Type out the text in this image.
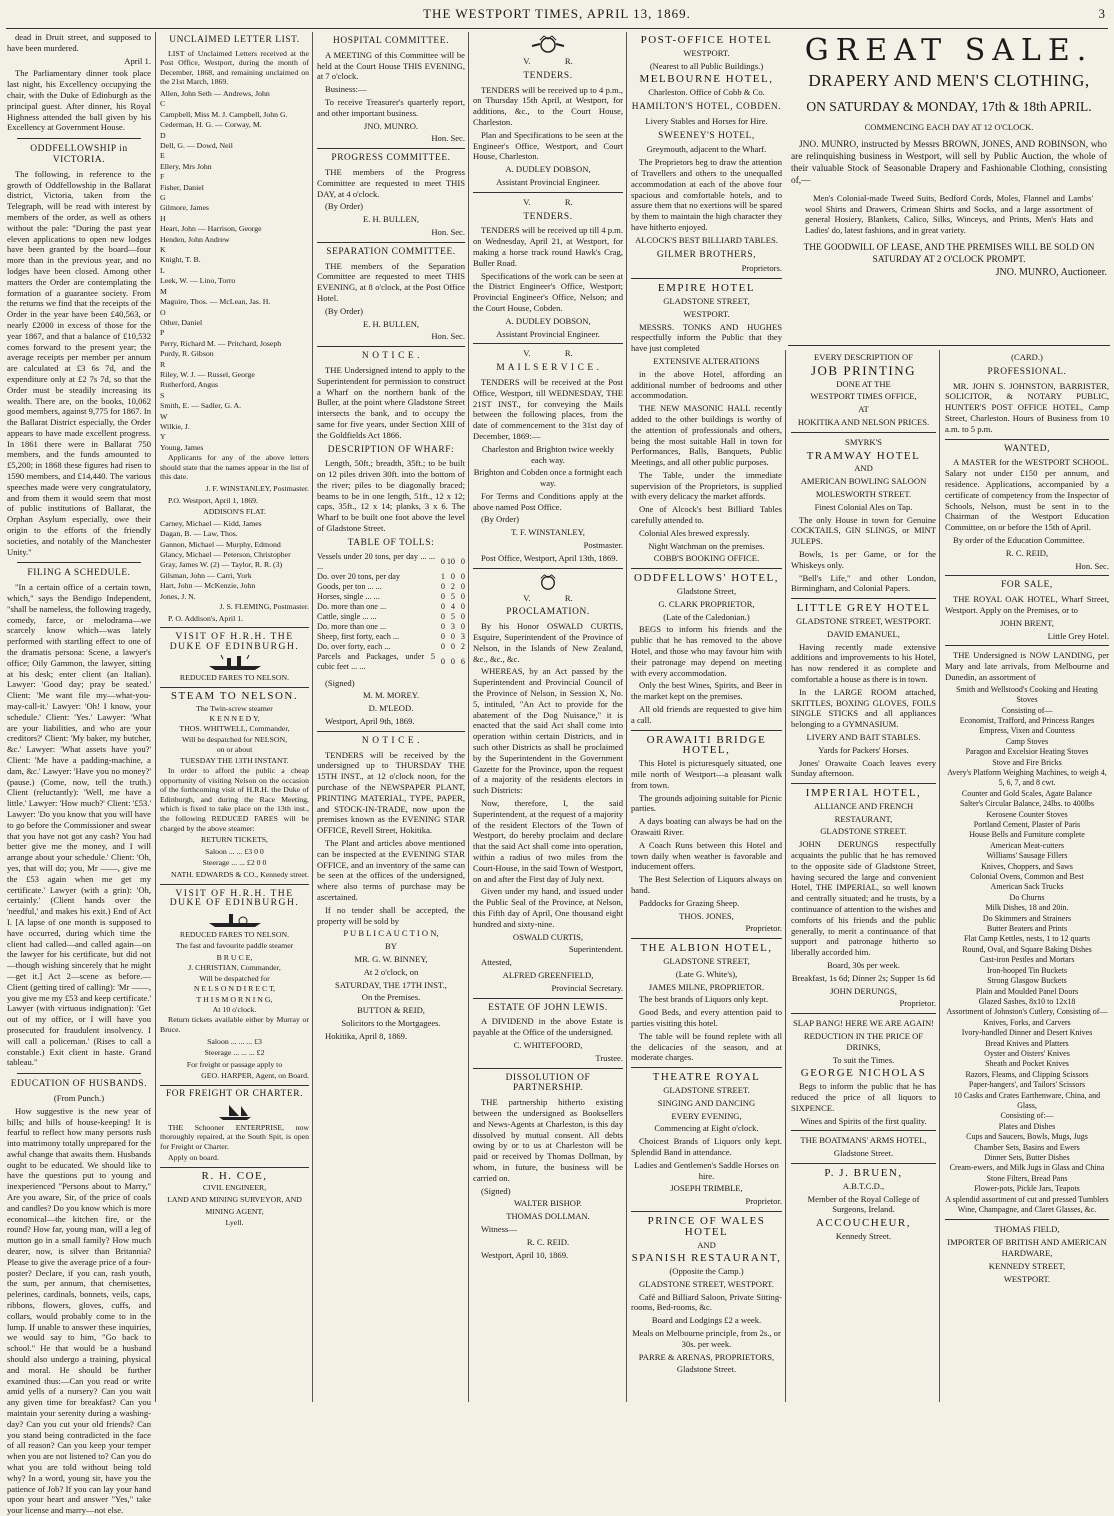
THE WESTPORT TIMES, APRIL 13, 1869.	3

dead in Druit street, and supposed to have been murdered.

April 1.

The Parliamentary dinner took place last night, his Excellency occupying the chair, with the Duke of Edinburgh as the principal guest. After dinner, his Royal Highness attended the ball given by his Excellency at Government House.

ODDFELLOWSHIP in VICTORIA.

The following, in reference to the growth of Oddfellowship in the Ballarat district, Victoria, taken from the Telegraph, will be read with interest by members of the order, as well as others without the pale: "During the past year eleven applications to open new lodges have been granted by the board—four more than in the previous year, and no lodges have been closed. Among other matters the Order are contemplating the formation of a guarantee society. From the returns we find that the receipts of the Order in the year have been £40,563, or nearly £2000 in excess of those for the year 1867, and that a balance of £10,532 comes forward to the present year; the average receipts per member per annum are calculated at £3 6s 7d, and the expenditure only at £2 7s 7d, so that the Order must be steadily increasing its wealth. There are, on the books, 10,062 good members, against 9,775 for 1867. In the Ballarat District especially, the Order appears to have made excellent progress. In 1861 there were in Ballarat 750 members, and the funds amounted to £5,200; in 1868 these figures had risen to 1590 members, and £14,440. The various speeches made were very congratulatory, and from them it would seem that most of public institutions of Ballarat, the Orphan Asylum especially, owe their origin to the efforts of the friendly societies, and notably of the Manchester Unity."

FILING A SCHEDULE.

"In a certain office of a certain town, which," says the Bendigo Independent, "shall be nameless, the following tragedy, comedy, farce, or melodrama—we scarcely know which—was lately performed with startling effect to one of the dramatis persona: Scene, a lawyer's office; Oily Gammon, the lawyer, sitting at his desk; enter client (an Italian). Lawyer: 'Good day; pray be seated.' Client: 'Me want file my—what-you-may-call-it.' Lawyer: 'Oh! I know, your schedule.' Client: 'Yes.' Lawyer: 'What are your liabilities, and who are your creditors?' Client: 'My baker, my butcher, &c.' Lawyer: 'What assets have you?' Client: 'Me have a padding-machine, a dam, &c.' Lawyer: 'Have you no money?' (pause.) (Come, now, tell the truth.) Client (reluctantly): 'Well, me have a little.' Lawyer: 'How much?' Client: '£53.' Lawyer: 'Do you know that you will have to go before the Commissioner and swear that you have not got any cash? You had better give me the money, and I will arrange about your schedule.' Client: 'Oh, yes, that will do; you, Mr ——, give me the £53 again when me get my certificate.' Lawyer (with a grin): 'Oh, certainly.' (Client hands over the 'needful,' and makes his exit.) End of Act I. [A lapse of one month is supposed to have occurred, during which time the client had called—and called again—on the lawyer for his certificate, but did not—though wishing sincerely that he might—get it.] Act 2—scene as before.—Client (getting tired of calling): 'Mr ——, you give me my £53 and keep certificate.' Lawyer (with virtuous indignation): 'Get out of my office, or I will have you prosecuted for fraudulent insolvency. I will call a policeman.' (Rises to call a constable.) Exit client in haste. Grand tableau."

EDUCATION OF HUSBANDS.

(From Punch.)

How suggestive is the new year of bills; and bills of house-keeping! It is fearful to reflect how many persons rush into matrimony totally unprepared for the awful change that awaits them. Husbands ought to be educated. We should like to have the questions put to young and inexperienced "Persons about to Marry," Are you aware, Sir, of the price of coals and candles? Do you know which is more economical—the kitchen fire, or the round? How far, young man, will a leg of mutton go in a small family? How much dearer, now, is silver than Britannia? Please to give the average price of a four-poster? Declare, if you can, rash youth, the sum, per annum, that chemisettes, pelerines, cardinals, bonnets, veils, caps, ribbons, flowers, gloves, cuffs, and collars, would probably come to in the lump. If unable to answer these inquiries, we would say to him, "Go back to school." He that would be a husband should also undergo a training, physical and moral. He should be further examined thus:—Can you read or write amid yells of a nursery? Can you wait any given time for breakfast? Can you maintain your serenity during a washing-day? Can you cut your old friends? Can you stand being contradicted in the face of all reason? Can you keep your temper when you are not listened to? Can you do what you are told without being told why? In a word, young sir, have you the patience of Job? If you can lay your hand upon your heart and answer "Yes," take your license and marry—not else.

UNCLAIMED LETTER LIST.

LIST of Unclaimed Letters received at the Post Office, Westport, during the month of December, 1868, and remaining unclaimed on the 21st March, 1869.

Allen, John Seth — Andrews, John
C
Campbell, Miss M. J. Campbell, John G.
Cederman, H. G. — Corway, M.
D
Dell, G. — Dowd, Neil
E
Ellery, Mrs John
F
Fisher, Daniel
G
Gilmore, James
H
Heart, John — Harrison, George
Henden, John Andrew
K
Knight, T. B.
L
Leek, W. — Lino, Torro
M
Maguire, Thos. — McLean, Jas. H.
O
Other, Daniel
P
Perry, Richard M. — Pritchard, Joseph
Purdy, R. Gibson
R
Riley, W. J. — Russel, George
Rutherford, Angus
S
Smith, E. — Sadler, G. A.
W
Wilkie, J.
Y
Young, James

Applicants for any of the above letters should state that the names appear in the list of this date.

J. F. WINSTANLEY, Postmaster.

P.O. Westport, April 1, 1869.

ADDISON'S FLAT.

Carney, Michael — Kidd, James
Dagan, B. — Law, Thos.
Gannon, Michael — Murphy, Edmond
Glancy, Michael — Peterson, Christopher
Gray, James W. (2) — Taylor, R. R. (3)
Gilsman, John — Carri, York
Hart, John — McKenzie, John
Jones, J. N.

J. S. FLEMING, Postmaster.

P. O. Addison's, April 1.

VISIT OF H.R.H. THE DUKE OF EDINBURGH.

REDUCED FARES TO NELSON.

STEAM TO NELSON.

The Twin-screw steamer
K E N N E D Y,
THOS. WHITWELL, Commander,
Will be despatched for NELSON,
on or about
TUESDAY THE 13TH INSTANT.

In order to afford the public a cheap opportunity of visiting Nelson on the occasion of the forthcoming visit of H.R.H. the Duke of Edinburgh, and during the Race Meeting, which is fixed to take place on the 13th inst., the following REDUCED FARES will be charged by the above steamer:

RETURN TICKETS,

Saloon ... ... £3 0 0

Steerage ... ... £2 0 0

NATH. EDWARDS & CO., Kennedy street.

VISIT OF H.R.H. THE DUKE OF EDINBURGH.

REDUCED FARES TO NELSON.

The fast and favourite paddle steamer

B R U C E,
J. CHRISTIAN, Commander,
Will be despatched for
N E L S O N D I R E C T,
T H I S M O R N I N G,
At 10 o'clock.

Return tickets available either by Murray or Bruce.

Saloon ... ... ... £3

Steerage ... ... ... £2

For freight or passage apply to

GEO. HARPER, Agent, on Board.

FOR FREIGHT OR CHARTER.

THE Schooner ENTERPRISE, now thoroughly repaired, at the South Spit, is open for Freight or Charter.

Apply on board.

R. H. COE,

CIVIL ENGINEER,

LAND AND MINING SURVEYOR, AND

MINING AGENT,

Lyell.

HOSPITAL COMMITTEE.

A MEETING of this Committee will be held at the Court House THIS EVENING, at 7 o'clock.

Business:—

To receive Treasurer's quarterly report, and other important business.

JNO. MUNRO.

Hon. Sec.

PROGRESS COMMITTEE.

THE members of the Progress Committee are requested to meet THIS DAY, at 4 o'clock.

(By Order)

E. H. BULLEN,

Hon. Sec.

SEPARATION COMMITTEE.

THE members of the Separation Committee are requested to meet THIS EVENING, at 8 o'clock, at the Post Office Hotel.

(By Order)

E. H. BULLEN,

Hon. Sec.

N O T I C E .

THE Undersigned intend to apply to the Superintendent for permission to construct a Wharf on the northern bank of the Buller, at the point where Gladstone Street intersects the bank, and to occupy the same for five years, under Section XIII of the Goldfields Act 1866.

DESCRIPTION OF WHARF:

Length, 50ft.; breadth, 35ft.; to be built on 12 piles driven 30ft. into the bottom of the river; piles to be diagonally braced; beams to be in one length, 51ft., 12 x 12; caps, 35ft., 12 x 14; planks, 3 x 6. The Wharf to be built one foot above the level of Gladstone Street.

TABLE OF TOLLS:

Vessels under 20 tons, per day ... ... ...	0	10	0
Do. over 20 tons, per day	1	0	0
Goods, per ton ... ...	0	2	0
Horses, single ... ...	0	5	0
Do. more than one ...	0	4	0
Cattle, single ... ...	0	5	0
Do. more than one ...	0	3	0
Sheep, first forty, each ...	0	0	3
Do. over forty, each ...	0	0	2
Parcels and Packages, under 5 cubic feet ... ...	0	0	6

(Signed)

M. M. MOREY.

D. M'LEOD.

Westport, April 9th, 1869.

N O T I C E .

TENDERS will be received by the undersigned up to THURSDAY THE 15TH INST., at 12 o'clock noon, for the purchase of the NEWSPAPER PLANT, PRINTING MATERIAL, TYPE, PAPER, and STOCK-IN-TRADE, now upon the premises known as the EVENING STAR OFFICE, Revell Street, Hokitika.

The Plant and articles above mentioned can be inspected at the EVENING STAR OFFICE, and an inventory of the same can be seen at the offices of the undersigned, where also terms of purchase may be ascertained.

If no tender shall be accepted, the property will be sold by

P U B L I C A U C T I O N,

BY

MR. G. W. BINNEY,

At 2 o'clock, on

SATURDAY, THE 17TH INST.,

On the Premises.

BUTTON & REID,

Solicitors to the Mortgagees.

Hokitika, April 8, 1869.

V.                R.

TENDERS.

TENDERS will be received up to 4 p.m., on Thursday 15th April, at Westport, for additions, &c., to the Court House, Charleston.

Plan and Specifications to be seen at the Engineer's Office, Westport, and Court House, Charleston.

A. DUDLEY DOBSON,

Assistant Provincial Engineer.

V.                R.

TENDERS.

TENDERS will be received up till 4 p.m. on Wednesday, April 21, at Westport, for making a horse track round Hawk's Crag, Buller Road.

Specifications of the work can be seen at the District Engineer's Office, Westport; Provincial Engineer's Office, Nelson; and the Court House, Cobden.

A. DUDLEY DOBSON,

Assistant Provincial Engineer.

V.                R.

M A I L S E R V I C E .

TENDERS will be received at the Post Office, Westport, till WEDNESDAY, THE 21ST INST., for conveying the Mails between the following places, from the date of commencement to the 31st day of December, 1869:—

Charleston and Brighton twice weekly each way.

Brighton and Cobden once a fortnight each way.

For Terms and Conditions apply at the above named Post Office.

(By Order)

T. F. WINSTANLEY,

Postmaster.

Post Office, Westport, April 13th, 1869.

V.                R.

PROCLAMATION.

By his Honor OSWALD CURTIS, Esquire, Superintendent of the Province of Nelson, in the Islands of New Zealand, &c., &c., &c.

WHEREAS, by an Act passed by the Superintendent and Provincial Council of the Province of Nelson, in Session X, No. 5, intituled, "An Act to provide for the abatement of the Dog Nuisance," it is enacted that the said Act shall come into operation within certain Districts, and in such other Districts as shall be proclaimed by the Superintendent in the Government Gazette for the Province, upon the request of a majority of the residents electors in such Districts:

Now, therefore, I, the said Superintendent, at the request of a majority of the resident Electors of the Town of Westport, do hereby proclaim and declare that the said Act shall come into operation, within a radius of two miles from the Court-House, in the said Town of Westport, on and after the First day of July next.

Given under my hand, and issued under the Public Seal of the Province, at Nelson, this Fifth day of April, One thousand eight hundred and sixty-nine.

OSWALD CURTIS,

Superintendent.

Attested,

ALFRED GREENFIELD,

Provincial Secretary.

ESTATE OF JOHN LEWIS.

A DIVIDEND in the above Estate is payable at the Office of the undersigned.

C. WHITEFOORD,

Trustee.

DISSOLUTION OF PARTNERSHIP.

THE partnership hitherto existing between the undersigned as Booksellers and News-Agents at Charleston, is this day dissolved by mutual consent. All debts owing by or to us at Charleston will be paid or received by Thomas Dollman, by whom, in future, the business will be carried on.

(Signed)

WALTER BISHOP.

THOMAS DOLLMAN.

Witness—

R. C. REID.

Westport, April 10, 1869.

POST-OFFICE HOTEL

WESTPORT.

(Nearest to all Public Buildings.)

MELBOURNE HOTEL,

Charleston. Office of Cobb & Co.

HAMILTON'S HOTEL, COBDEN.

Livery Stables and Horses for Hire.

SWEENEY'S HOTEL,

Greymouth, adjacent to the Wharf.

The Proprietors beg to draw the attention of Travellers and others to the unequalled accommodation at each of the above four spacious and comfortable hotels, and to assure them that no exertions will be spared by them to maintain the high character they have hitherto enjoyed.

ALCOCK'S BEST BILLIARD TABLES.

GILMER BROTHERS,

Proprietors.

EMPIRE HOTEL

GLADSTONE STREET,

WESTPORT.

MESSRS. TONKS AND HUGHES respectfully inform the Public that they have just completed

EXTENSIVE ALTERATIONS

in the above Hotel, affording an additional number of bedrooms and other accommodation.

THE NEW MASONIC HALL recently added to the other buildings is worthy of the attention of professionals and others, being the most suitable Hall in town for Performances, Balls, Banquets, Public Meetings, and all other public purposes.

The Table, under the immediate supervision of the Proprietors, is supplied with every delicacy the market affords.

One of Alcock's best Billiard Tables carefully attended to.

Colonial Ales brewed expressly.

Night Watchman on the premises.

COBB'S BOOKING OFFICE.

ODDFELLOWS' HOTEL,

Gladstone Street,

G. CLARK PROPRIETOR,

(Late of the Caledonian.)

BEGS to inform his friends and the public that he has removed to the above Hotel, and those who may favour him with their patronage may depend on meeting with every accommodation.

Only the best Wines, Spirits, and Beer in the market kept on the premises.

All old friends are requested to give him a call.

ORAWAITI BRIDGE HOTEL,

This Hotel is picturesquely situated, one mile north of Westport—a pleasant walk from town.

The grounds adjoining suitable for Picnic parties.

A days boating can always be had on the Orawaiti River.

A Coach Runs between this Hotel and town daily when weather is favorable and inducement offers.

The Best Selection of Liquors always on hand.

Paddocks for Grazing Sheep.

THOS. JONES,

Proprietor.

THE ALBION HOTEL,

GLADSTONE STREET,

(Late G. White's),

JAMES MILNE, PROPRIETOR.

The best brands of Liquors only kept.

Good Beds, and every attention paid to parties visiting this hotel.

The table will be found replete with all the delicacies of the season, and at moderate charges.

THEATRE ROYAL

GLADSTONE STREET.

SINGING AND DANCING

EVERY EVENING,

Commencing at Eight o'clock.

Choicest Brands of Liquors only kept. Splendid Band in attendance.

Ladies and Gentlemen's Saddle Horses on hire.

JOSEPH TRIMBLE,

Proprietor.

PRINCE OF WALES HOTEL

AND

SPANISH RESTAURANT,

(Opposite the Camp.)

GLADSTONE STREET, WESTPORT.

Café and Billiard Saloon, Private Sitting-rooms, Bed-rooms, &c.

Board and Lodgings £2 a week.

Meals on Melbourne principle, from 2s., or 30s. per week.

PARRE & ARENAS, PROPRIETORS,

Gladstone Street.

GREAT SALE.
DRAPERY AND MEN'S CLOTHING,
ON SATURDAY & MONDAY, 17th & 18th APRIL.

COMMENCING EACH DAY AT 12 O'CLOCK.

JNO. MUNRO, instructed by Messrs BROWN, JONES, AND ROBINSON, who are relinquishing business in Westport, will sell by Public Auction, the whole of their valuable Stock of Seasonable Drapery and Fashionable Clothing, consisting of,—

Men's Colonial-made Tweed Suits, Bedford Cords, Moles, Flannel and Lambs' wool Shirts and Drawers, Crimean Shirts and Socks, and a large assortment of general Hosiery, Blankets, Calico, Silks, Winceys, and Prints, Men's Hats and Ladies' do, latest fashions, and in great variety.

THE GOODWILL OF LEASE, AND THE PREMISES WILL BE SOLD ON SATURDAY AT 2 O'CLOCK PROMPT.

JNO. MUNRO, Auctioneer.

EVERY DESCRIPTION OF

JOB PRINTING

DONE AT THE

WESTPORT TIMES OFFICE,

AT

HOKITIKA AND NELSON PRICES.

SMYRK'S

TRAMWAY HOTEL

AND

AMERICAN BOWLING SALOON

MOLESWORTH STREET.

Finest Colonial Ales on Tap.

The only House in town for Genuine COCKTAILS, GIN SLINGS, or MINT JULEPS.

Bowls, 1s per Game, or for the Whiskeys only.

"Bell's Life," and other London, Birmingham, and Colonial Papers.

LITTLE GREY HOTEL

GLADSTONE STREET, WESTPORT.

DAVID EMANUEL,

Having recently made extensive additions and improvements to his Hotel, has now rendered it as complete and comfortable a house as there is in town.

In the LARGE ROOM attached, SKITTLES, BOXING GLOVES, FOILS SINGLE STICKS and all appliances belonging to a GYMNASIUM.

LIVERY AND BAIT STABLES.

Yards for Packers' Horses.

Jones' Orawaite Coach leaves every Sunday afternoon.

IMPERIAL HOTEL,

ALLIANCE AND FRENCH

RESTAURANT,

GLADSTONE STREET.

JOHN DERUNGS respectfully acquaints the public that he has removed to the opposite side of Gladstone Street, having secured the large and convenient Hotel, THE IMPERIAL, so well known and centrally situated; and he trusts, by a continuance of attention to the wishes and comforts of his friends and the public generally, to merit a continuance of that support and patronage hitherto so liberally accorded him.

Board, 30s per week.

Breakfast, 1s 6d; Dinner 2s; Supper 1s 6d

JOHN DERUNGS,

Proprietor.

SLAP BANG! HERE WE ARE AGAIN!

REDUCTION IN THE PRICE OF DRINKS,

To suit the Times.

GEORGE NICHOLAS

Begs to inform the public that he has reduced the price of all liquors to SIXPENCE.

Wines and Spirits of the first quality.

THE BOATMANS' ARMS HOTEL,

Gladstone Street.

P. J. BRUEN,

A.B.T.C.D.,

Member of the Royal College of Surgeons, Ireland.

ACCOUCHEUR,

Kennedy Street.

(CARD.)

PROFESSIONAL.

MR. JOHN S. JOHNSTON, BARRISTER, SOLICITOR, & NOTARY PUBLIC, HUNTER'S POST OFFICE HOTEL, Camp Street, Charleston. Hours of Business from 10 a.m. to 5 p.m.

WANTED,

A MASTER for the WESTPORT SCHOOL. Salary not under £150 per annum, and residence. Applications, accompanied by a certificate of competency from the Inspector of Schools, Nelson, must be sent in to the Chairman of the Westport Education Committee, on or before the 15th of April.

By order of the Education Committee.

R. C. REID,

Hon. Sec.

FOR SALE,

THE ROYAL OAK HOTEL, Wharf Street, Westport. Apply on the Premises, or to

JOHN BRENT,

Little Grey Hotel.

THE Undersigned is NOW LANDING, per Mary and late arrivals, from Melbourne and Dunedin, an assortment of

Smith and Wellstood's Cooking and Heating Stoves
Consisting of—
Economist, Trafford, and Princess Ranges
Empress, Vixen and Countess
Camp Stoves
Paragon and Excelsior Heating Stoves
Stove and Fire Bricks
Avery's Platform Weighing Machines, to weigh 4, 5, 6, 7, and 8 cwt.
Counter and Gold Scales, Agate Balance
Salter's Circular Balance, 24lbs. to 400lbs
Kerosene Counter Stoves
Portland Cement, Plaster of Paris
House Bells and Furniture complete
American Meat-cutters
Williams' Sausage Fillers
Knives, Choppers, and Saws
Colonial Ovens, Common and Best
American Sack Trucks
Do Churns
Milk Dishes, 18 and 20in.
Do Skimmers and Strainers
Butter Beaters and Prints
Flat Camp Kettles, nests, 1 to 12 quarts
Round, Oval, and Square Baking Dishes
Cast-iron Pestles and Mortars
Iron-hooped Tin Buckets
Strong Glasgow Buckets
Plain and Moulded Panel Doors
Glazed Sashes, 8x10 to 12x18
Assortment of Johnston's Cutlery, Consisting of—
Knives, Forks, and Carvers
Ivory-handled Dinner and Desert Knives
Bread Knives and Platters
Oyster and Oisters' Knives
Sheath and Pocket Knives
Razors, Fleams, and Clipping Scissors
Paper-hangers', and Tailors' Scissors
10 Casks and Crates Earthenware, China, and Glass,
Consisting of:—
Plates and Dishes
Cups and Saucers, Bowls, Mugs, Jugs
Chamber Sets, Basins and Ewers
Dinner Sets, Butter Dishes
Cream-ewers, and Milk Jugs in Glass and China
Stone Filters, Bread Pans
Flower-pots, Pickle Jars, Teapots
A splendid assortment of cut and pressed Tumblers
Wine, Champagne, and Claret Glasses, &c.

THOMAS FIELD,

IMPORTER OF BRITISH AND AMERICAN HARDWARE,

KENNEDY STREET,

WESTPORT.
